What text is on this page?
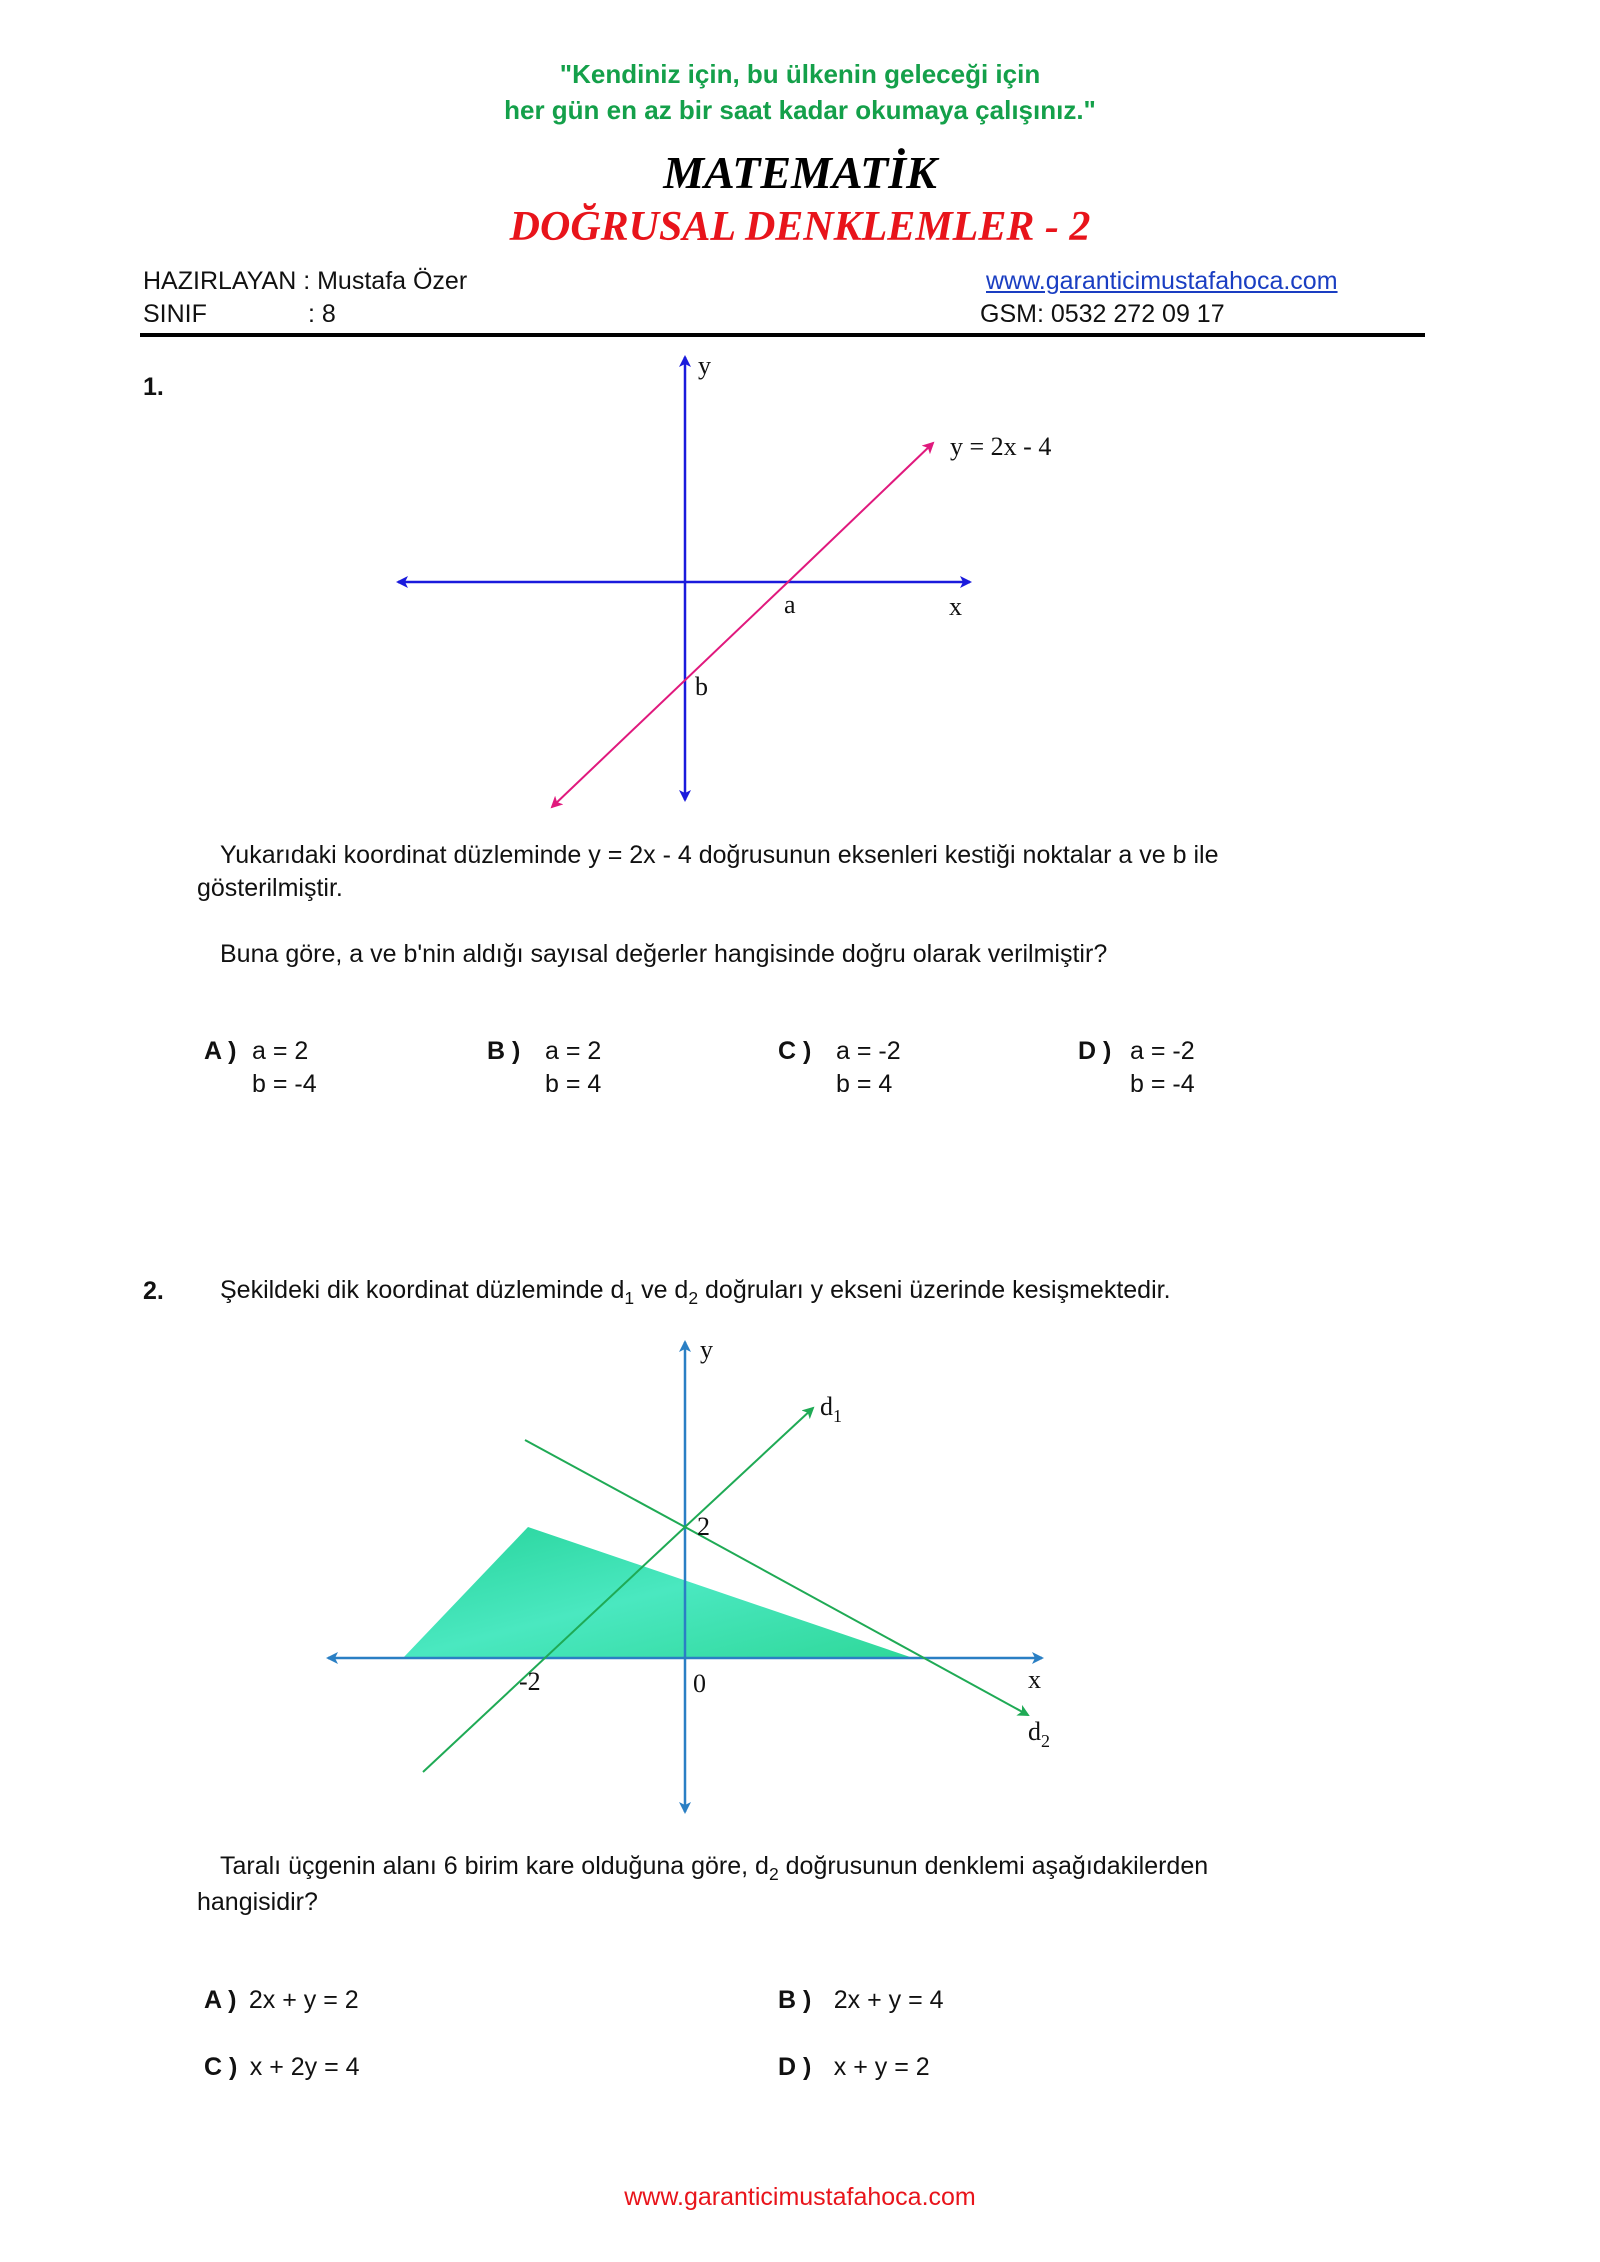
"Kendiniz için, bu ülkenin geleceği için
her gün en az bir saat kadar okumaya çalışınız."
MATEMATİK
DOĞRUSAL DENKLEMLER - 2
HAZIRLAYAN : Mustafa Özer
SINIF	: 8
www.garanticimustafahoca.com
GSM: 0532 272 09 17
1.
y
x
y = 2x - 4
a
b
Yukarıdaki koordinat düzleminde y = 2x - 4 doğrusunun eksenleri kestiği noktalar a ve b ile
gösterilmiştir.
Buna göre, a ve b'nin aldığı sayısal değerler hangisinde doğru olarak verilmiştir?
A ) a = 2
b = -4
B ) a = 2
b = 4
C ) a = -2
b = 4
D ) a = -2
b = -4
2. Şekildeki dik koordinat düzleminde $d_1$ ve $d_2$ doğruları y ekseni üzerinde kesişmektedir.
y
x
$d_1$
$d_2$
2
-2	0
Taralı üçgenin alanı 6 birim kare olduğuna göre, $d_2$ doğrusunun denklemi aşağıdakilerden
hangisidir?
A ) 2x + y = 2	B ) 2x + y = 4
C ) x + 2y = 4	D ) x + y = 2
www.garanticimustafahoca.com
